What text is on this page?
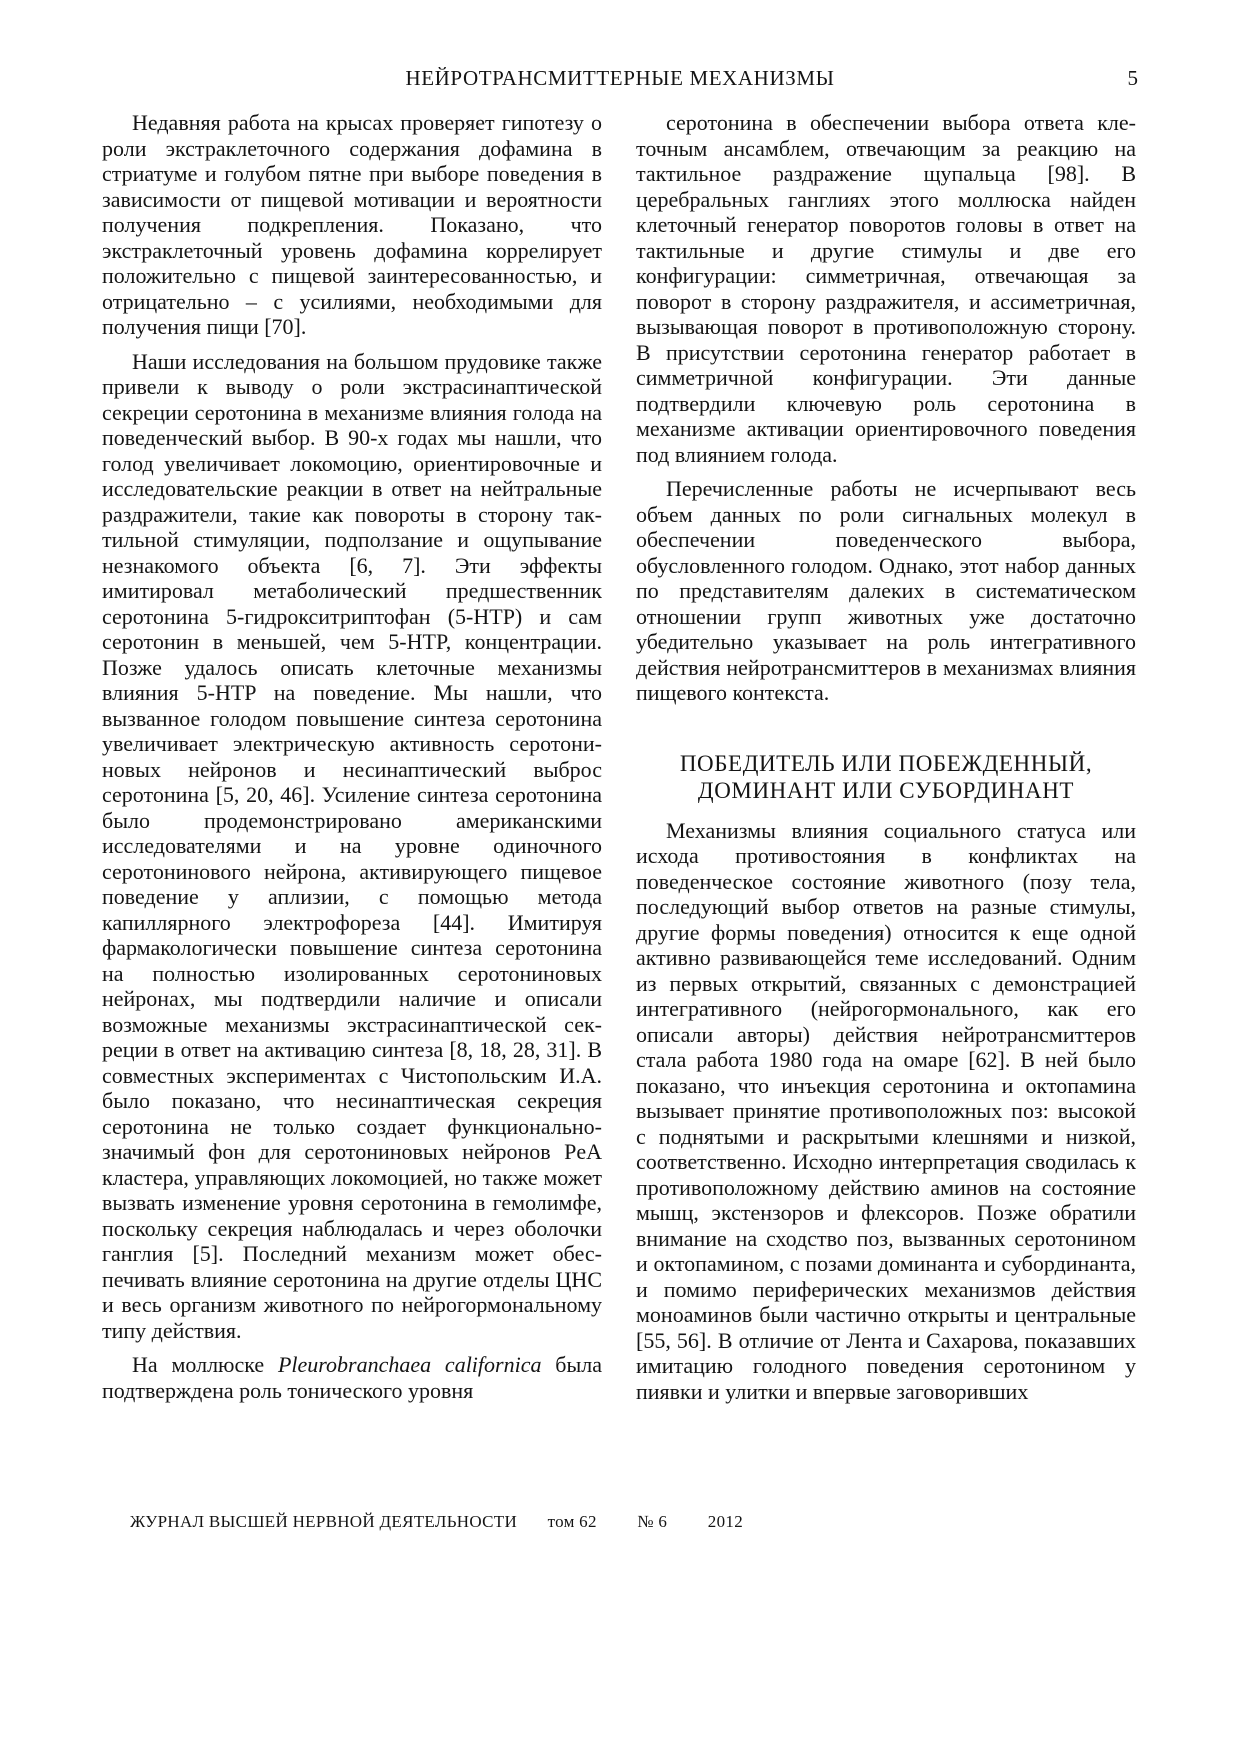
НЕЙРОТРАНСМИТТЕРНЫЕ МЕХАНИЗМЫ	5

Недавняя работа на крысах проверяет гипотезу о роли экстраклеточного содержания дофамина в стриатуме и голубом пятне при выборе поведения в зависимости от пищевой мотивации и вероятности получения подкрепления. Показано, что экстраклеточный уровень дофамина коррелирует положительно с пищевой заинтересованностью, и отрицательно – с усилиями, необходимыми для получения пищи [70].

Наши исследования на большом прудовике также привели к выводу о роли экстрасинаптической секреции серотонина в механизме влияния голода на поведенческий выбор. В 90-х годах мы нашли, что голод увеличивает локомоцию, ориентировочные и исследовательские реакции в ответ на нейтральные раздражители, такие как повороты в сторону тактильной стимуляции, подползание и ощупывание незнакомого объекта [6, 7]. Эти эффекты имитировал метаболический предшественник серотонина 5-гидрокситриптофан (5-HTP) и сам серотонин в меньшей, чем 5-HTP, концентрации. Позже удалось описать клеточные механизмы влияния 5-HTP на поведение. Мы нашли, что вызванное голодом повышение синтеза серотонина увеличивает электрическую активность серотониновых нейронов и несинаптический выброс серотонина [5, 20, 46]. Усиление синтеза серотонина было продемонстрировано американскими исследователями и на уровне одиночного серотонинового нейрона, активирующего пищевое поведение у аплизии, с помощью метода капиллярного электрофореза [44]. Имитируя фармакологически повышение синтеза серотонина на полностью изолированных серотониновых нейронах, мы подтвердили наличие и описали возможные механизмы экстрасинаптической секреции в ответ на активацию синтеза [8, 18, 28, 31]. В совместных экспериментах с Чистопольским И.А. было показано, что несинаптическая секреция серотонина не только создает функционально-значимый фон для серотониновых нейронов PeA кластера, управляющих локомоцией, но также может вызвать изменение уровня серотонина в гемолимфе, поскольку секреция наблюдалась и через оболочки ганглия [5]. Последний механизм может обеспечивать влияние серотонина на другие отделы ЦНС и весь организм животного по нейрогормональному типу действия.

На моллюске Pleurobranchaea californica была подтверждена роль тонического уровня

серотонина в обеспечении выбора ответа клеточным ансамблем, отвечающим за реакцию на тактильное раздражение щупальца [98]. В церебральных ганглиях этого моллюска найден клеточный генератор поворотов головы в ответ на тактильные и другие стимулы и две его конфигурации: симметричная, отвечающая за поворот в сторону раздражителя, и ассиметричная, вызывающая поворот в противоположную сторону. В присутствии серотонина генератор работает в симметричной конфигурации. Эти данные подтвердили ключевую роль серотонина в механизме активaции ориентировочного поведения под влиянием голода.

Перечисленные работы не исчерпывают весь объем данных по роли сигнальных молекул в обеспечении поведенческого выбора, обусловленного голодом. Однако, этот набор данных по представителям далеких в систематическом отношении групп животных уже достаточно убедительно указывает на роль интегративного действия нейротрансмиттеров в механизмах влияния пищевого контекста.

ПОБЕДИТЕЛЬ ИЛИ ПОБЕЖДЕННЫЙ,
ДОМИНАНТ ИЛИ СУБОРДИНАНТ

Механизмы влияния социального статуса или исхода противостояния в конфликтах на поведенческое состояние животного (позу тела, последующий выбор ответов на разные стимулы, другие формы поведения) относится к еще одной активно развивающейся теме исследований. Одним из первых открытий, связанных с демонстрацией интегративного (нейрогормонального, как его описали авторы) действия нейротрансмиттеров стала работа 1980 года на омаре [62]. В ней было показано, что инъекция серотонина и октопамина вызывает принятие противоположных поз: высокой с поднятыми и раскрытыми клешнями и низкой, соответственно. Исходно интерпретация сводилась к противоположному действию аминов на состояние мышц, экстензоров и флексоров. Позже обратили внимание на сходство поз, вызванных серотонином и октопамином, с позами доминанта и субординанта, и помимо периферических механизмов действия моноаминов были частично открыты и центральные [55, 56]. В отличие от Лента и Сахарова, показавших имитацию голодного поведения серотонином у пиявки и улитки и впервые заговоривших

ЖУРНАЛ ВЫСШЕЙ НЕРВНОЙ ДЕЯТЕЛЬНОСТИ том 62 № 6 2012
